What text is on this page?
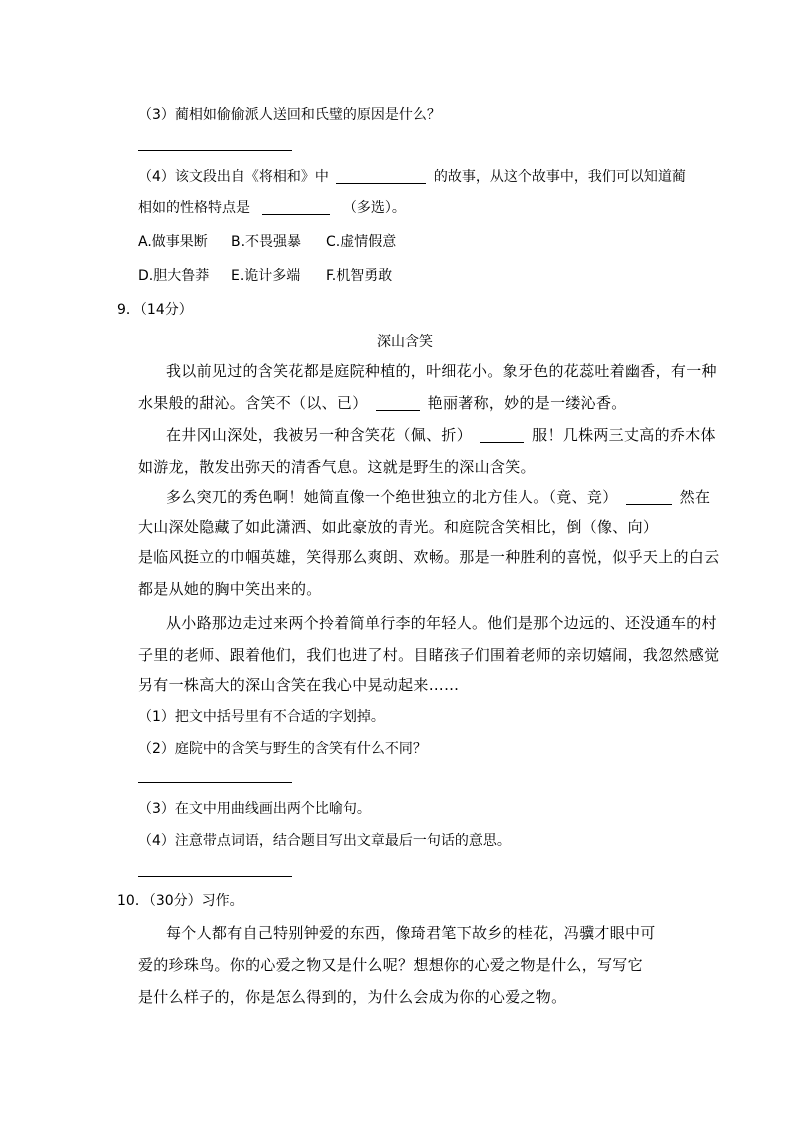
（3）蔺相如偷偷派人送回和氏璧的原因是什么？
（4）该文段出自《将相和》中	的故事，从这个故事中，我们可以知道蔺
相如的性格特点是	（多选）。
A.做事果断 B.不畏强暴 C.虚情假意
D.胆大鲁莽 E.诡计多端 F.机智勇敢
9．（14分）
深山含笑
我以前见过的含笑花都是庭院种植的，叶细花小。象牙色的花蕊吐着幽香，有一种
水果般的甜沁。含笑不（以、已）	艳丽著称，妙的是一缕沁香。
在井冈山深处，我被另一种含笑花（佩、折）	服！几株两三丈高的乔木体
如游龙，散发出弥天的清香气息。这就是野生的深山含笑。
多么突兀的秀色啊！她简直像一个绝世独立的北方佳人。（竟、竞）	然在
大山深处隐藏了如此潇洒、如此豪放的青光。和庭院含笑相比，倒（像、向）
是临风挺立的巾帼英雄，笑得那么爽朗、欢畅。那是一种胜利的喜悦，似乎天上的白云
都是从她的胸中笑出来的。
从小路那边走过来两个拎着简单行李的年轻人。他们是那个边远的、还没通车的村
子里的老师、跟着他们，我们也进了村。目睹孩子们围着老师的亲切嬉闹，我忽然感觉
另有一株高大的深山含笑在我心中晃动起来……
（1）把文中括号里有不合适的字划掉。
（2）庭院中的含笑与野生的含笑有什么不同？
（3）在文中用曲线画出两个比喻句。
（4）注意带点词语，结合题目写出文章最后一句话的意思。
10．（30分）习作。
每个人都有自己特别钟爱的东西，像琦君笔下故乡的桂花，冯骥才眼中可
爱的珍珠鸟。你的心爱之物又是什么呢？想想你的心爱之物是什么，写写它
是什么样子的，你是怎么得到的，为什么会成为你的心爱之物。
